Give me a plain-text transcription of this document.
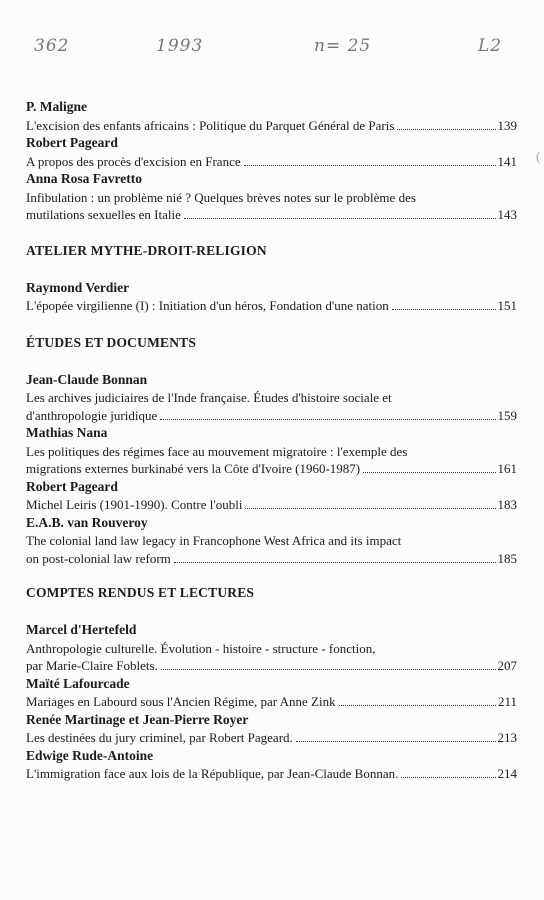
362	1993	n= 25	L2
P. Maligne
L'excision des enfants africains : Politique du Parquet Général de Paris	139
Robert Pageard
A propos des procès d'excision en France	141
Anna Rosa Favretto
Infibulation : un problème nié ? Quelques brèves notes sur le problème des
mutilations sexuelles en Italie	143
ATELIER MYTHE-DROIT-RELIGION
Raymond Verdier
L'épopée virgilienne (I) : Initiation d'un héros, Fondation d'une nation	151
ÉTUDES ET DOCUMENTS
Jean-Claude Bonnan
Les archives judiciaires de l'Inde française. Études d'histoire sociale et
d'anthropologie juridique	159
Mathias Nana
Les politiques des régimes face au mouvement migratoire : l'exemple des
migrations externes burkinabé vers la Côte d'Ivoire (1960-1987)	161
Robert Pageard
Michel Leiris (1901-1990). Contre l'oubli	183
E.A.B. van Rouveroy
The colonial land law legacy in Francophone West Africa and its impact
on post-colonial law reform	185
COMPTES RENDUS ET LECTURES
Marcel d'Hertefeld
Anthropologie culturelle. Évolution - histoire - structure - fonction,
par Marie-Claire Foblets.	207
Maïté Lafourcade
Mariages en Labourd sous l'Ancien Régime, par Anne Zink	211
Renée Martinage et Jean-Pierre Royer
Les destinées du jury criminel, par Robert Pageard.	213
Edwige Rude-Antoine
L'immigration face aux lois de la République, par Jean-Claude Bonnan.	214
(
